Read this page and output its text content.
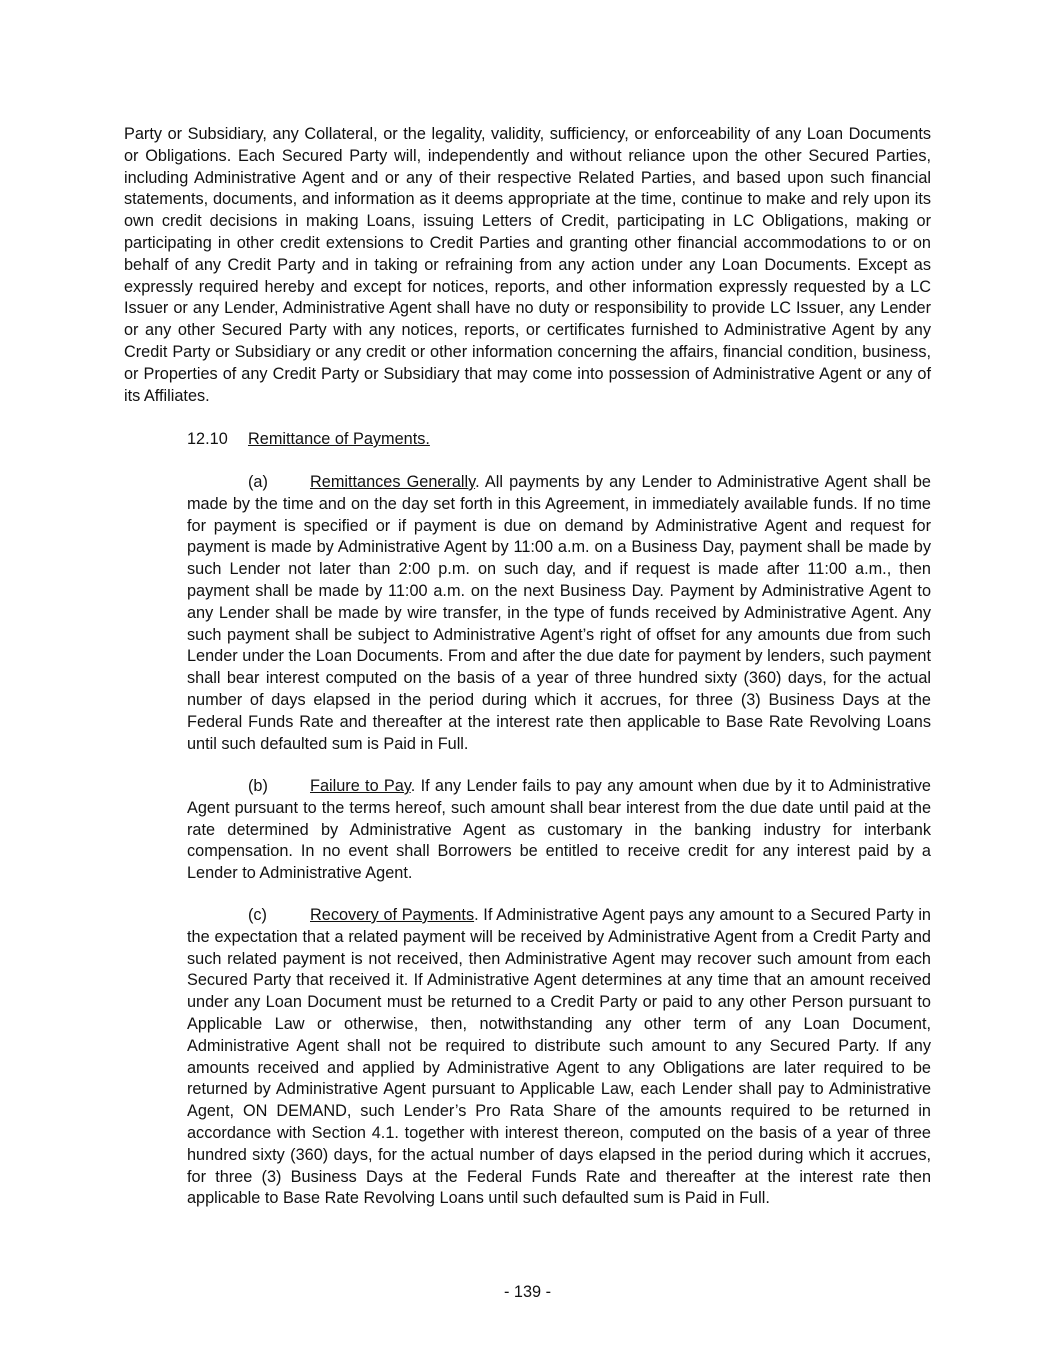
Party or Subsidiary, any Collateral, or the legality, validity, sufficiency, or enforceability of any Loan Documents or Obligations. Each Secured Party will, independently and without reliance upon the other Secured Parties, including Administrative Agent and or any of their respective Related Parties, and based upon such financial statements, documents, and information as it deems appropriate at the time, continue to make and rely upon its own credit decisions in making Loans, issuing Letters of Credit, participating in LC Obligations, making or participating in other credit extensions to Credit Parties and granting other financial accommodations to or on behalf of any Credit Party and in taking or refraining from any action under any Loan Documents. Except as expressly required hereby and except for notices, reports, and other information expressly requested by a LC Issuer or any Lender, Administrative Agent shall have no duty or responsibility to provide LC Issuer, any Lender or any other Secured Party with any notices, reports, or certificates furnished to Administrative Agent by any Credit Party or Subsidiary or any credit or other information concerning the affairs, financial condition, business, or Properties of any Credit Party or Subsidiary that may come into possession of Administrative Agent or any of its Affiliates.

12.10 Remittance of Payments.

(a)	Remittances Generally. All payments by any Lender to Administrative Agent shall be made by the time and on the day set forth in this Agreement, in immediately available funds. If no time for payment is specified or if payment is due on demand by Administrative Agent and request for payment is made by Administrative Agent by 11:00 a.m. on a Business Day, payment shall be made by such Lender not later than 2:00 p.m. on such day, and if request is made after 11:00 a.m., then payment shall be made by 11:00 a.m. on the next Business Day. Payment by Administrative Agent to any Lender shall be made by wire transfer, in the type of funds received by Administrative Agent. Any such payment shall be subject to Administrative Agent’s right of offset for any amounts due from such Lender under the Loan Documents. From and after the due date for payment by lenders, such payment shall bear interest computed on the basis of a year of three hundred sixty (360) days, for the actual number of days elapsed in the period during which it accrues, for three (3) Business Days at the Federal Funds Rate and thereafter at the interest rate then applicable to Base Rate Revolving Loans until such defaulted sum is Paid in Full.

(b)	Failure to Pay. If any Lender fails to pay any amount when due by it to Administrative Agent pursuant to the terms hereof, such amount shall bear interest from the due date until paid at the rate determined by Administrative Agent as customary in the banking industry for interbank compensation. In no event shall Borrowers be entitled to receive credit for any interest paid by a Lender to Administrative Agent.

(c)	Recovery of Payments. If Administrative Agent pays any amount to a Secured Party in the expectation that a related payment will be received by Administrative Agent from a Credit Party and such related payment is not received, then Administrative Agent may recover such amount from each Secured Party that received it. If Administrative Agent determines at any time that an amount received under any Loan Document must be returned to a Credit Party or paid to any other Person pursuant to Applicable Law or otherwise, then, notwithstanding any other term of any Loan Document, Administrative Agent shall not be required to distribute such amount to any Secured Party. If any amounts received and applied by Administrative Agent to any Obligations are later required to be returned by Administrative Agent pursuant to Applicable Law, each Lender shall pay to Administrative Agent, ON DEMAND, such Lender’s Pro Rata Share of the amounts required to be returned in accordance with Section 4.1. together with interest thereon, computed on the basis of a year of three hundred sixty (360) days, for the actual number of days elapsed in the period during which it accrues, for three (3) Business Days at the Federal Funds Rate and thereafter at the interest rate then applicable to Base Rate Revolving Loans until such defaulted sum is Paid in Full.

- 139 -
